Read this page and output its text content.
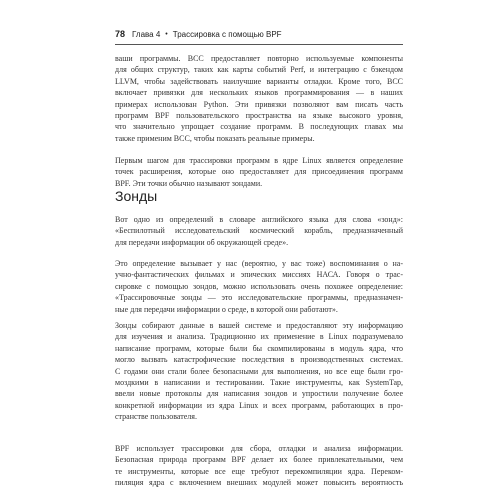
78 Глава 4 • Трассировка с помощью BPF
ваши программы. BCC предоставляет повторно используемые компоненты
для общих структур, таких как карты событий Perf, и интеграцию с бэкендом
LLVM, чтобы задействовать наилучшие варианты отладки. Кроме того, BCC
включает привязки для нескольких языков программирования — в наших
примерах использован Python. Эти привязки позволяют вам писать часть
программ BPF пользовательского пространства на языке высокого уровня,
что значительно упрощает создание программ. В последующих главах мы
также применим BCC, чтобы показать реальные примеры.
Первым шагом для трассировки программ в ядре Linux является определение
точек расширения, которые оно предоставляет для присоединения программ
BPF. Эти точки обычно называют зондами.
Зонды
Вот одно из определений в словаре английского языка для слова «зонд»:
«Беспилотный исследовательский космический корабль, предназначенный
для передачи информации об окружающей среде».
Это определение вызывает у нас (вероятно, у вас тоже) воспоминания о на-
учно-фантастических фильмах и эпических миссиях НАСА. Говоря о трас-
сировке с помощью зондов, можно использовать очень похожее определение:
«Трассировочные зонды — это исследовательские программы, предназначен-
ные для передачи информации о среде, в которой они работают».
Зонды собирают данные в вашей системе и предоставляют эту информацию
для изучения и анализа. Традиционно их применение в Linux подразумевало
написание программ, которые были бы скомпилированы в модуль ядра, что
могло вызвать катастрофические последствия в производственных системах.
С годами они стали более безопасными для выполнения, но все еще были гро-
моздкими в написании и тестировании. Такие инструменты, как SystemTap,
ввели новые протоколы для написания зондов и упростили получение более
конкретной информации из ядра Linux и всех программ, работающих в про-
странстве пользователя.
BPF использует трассировки для сбора, отладки и анализа информации.
Безопасная природа программ BPF делает их более привлекательными, чем
те инструменты, которые все еще требуют перекомпиляции ядра. Переком-
пиляция ядра с включением внешних модулей может повысить вероятность
